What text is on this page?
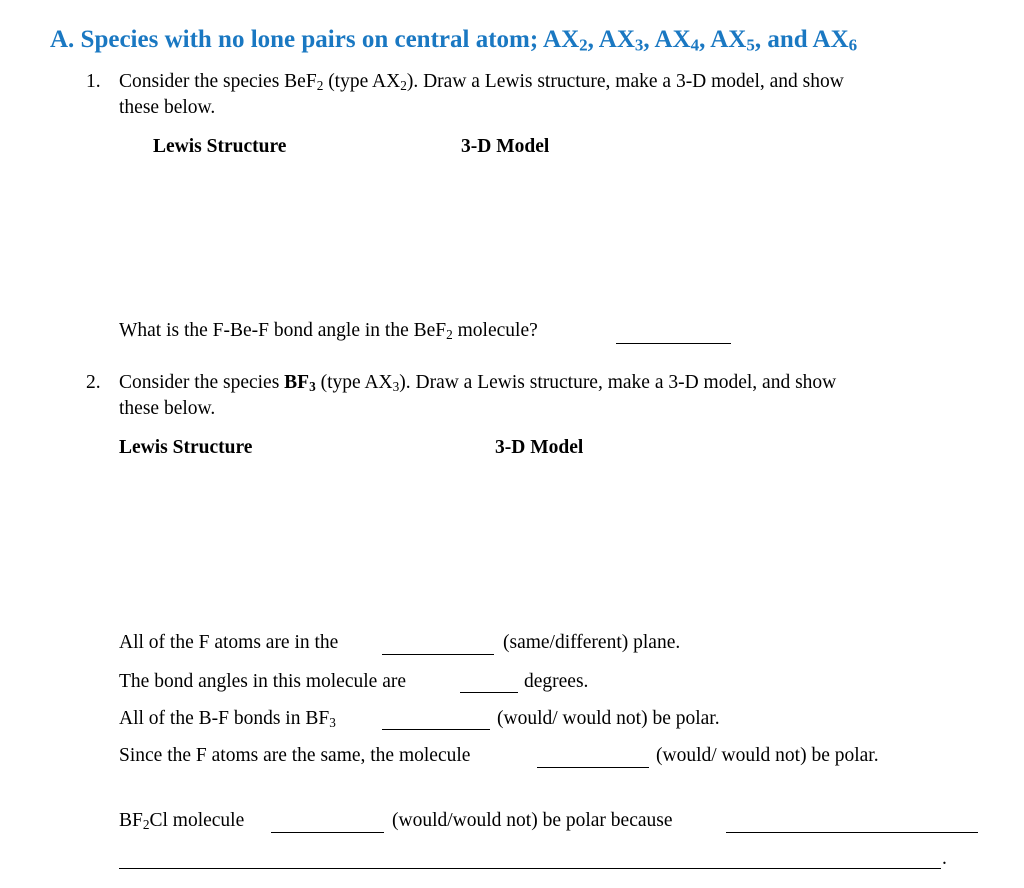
A. Species with no lone pairs on central atom; $AX_2$, $AX_3$, $AX_4$, $AX_5$, and $AX_6$
1. Consider the species BeF$_2$ (type $AX_2$). Draw a Lewis structure, make a 3-D model, and show
these below.
Lewis Structure	3-D Model
What is the F-Be-F bond angle in the BeF$_2$ molecule?
2. Consider the species $BF_3$ (type $AX_3$). Draw a Lewis structure, make a 3-D model, and show
these below.
Lewis Structure	3-D Model
All of the F atoms are in the	(same/different) plane.
The bond angles in this molecule are	degrees.
All of the B-F bonds in $BF_3$	(would/ would not) be polar.
Since the F atoms are the same, the molecule	(would/ would not) be polar.
$BF_2Cl$ molecule	(would/would not) be polar because
.
